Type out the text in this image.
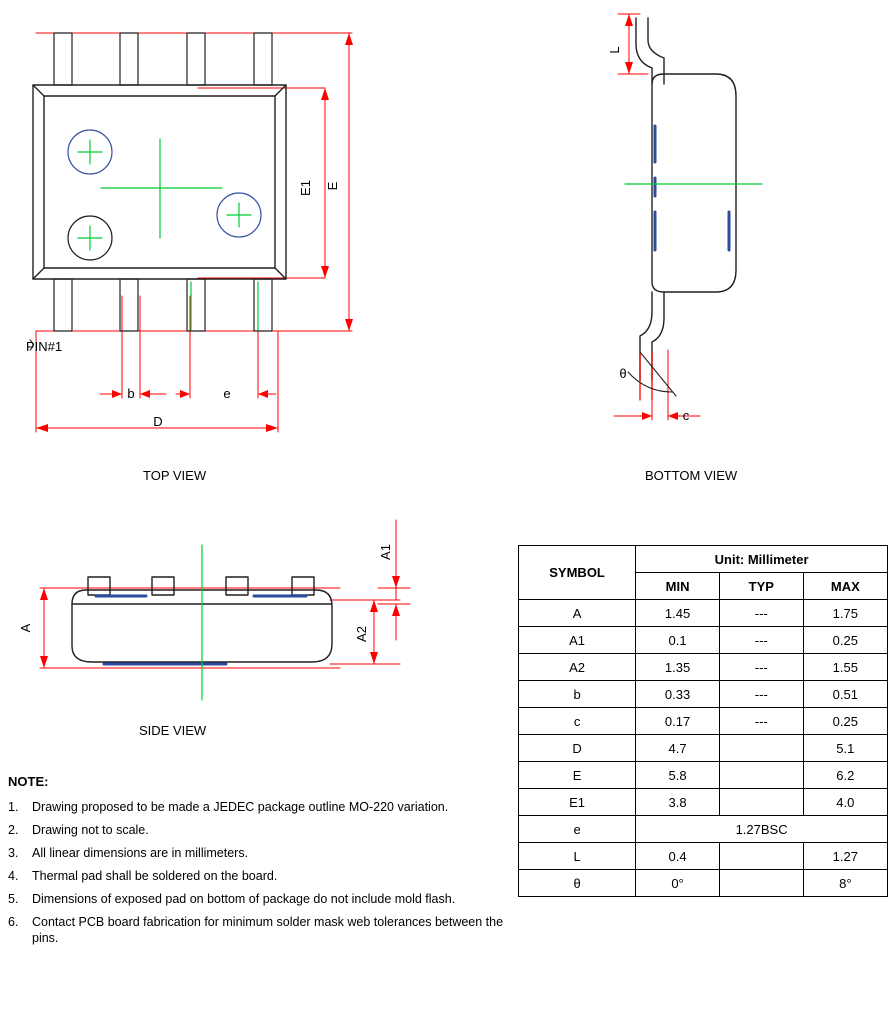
E1 E
b	e
D
PIN#1
L
θ
c
A
A1
A2
TOP VIEW	BOTTOM VIEW
SIDE VIEW
SYMBOL	Unit: Millimeter		
	MIN	TYP	MAX
A	1.45	---	1.75
A1	0.1	---	0.25
A2	1.35	---	1.55
b	0.33	---	0.51
c	0.17	---	0.25
D	4.7		5.1
E	5.8		6.2
E1	3.8		4.0
e	1.27BSC		
L	0.4		1.27
θ	0°		8°
NOTE:
1.	Drawing proposed to be made a JEDEC package outline MO-220 variation.
2.	Drawing not to scale.
3.	All linear dimensions are in millimeters.
4.	Thermal pad shall be soldered on the board.
5.	Dimensions of exposed pad on bottom of package do not include mold flash.
6.	Contact PCB board fabrication for minimum solder mask web tolerances between the pins.
